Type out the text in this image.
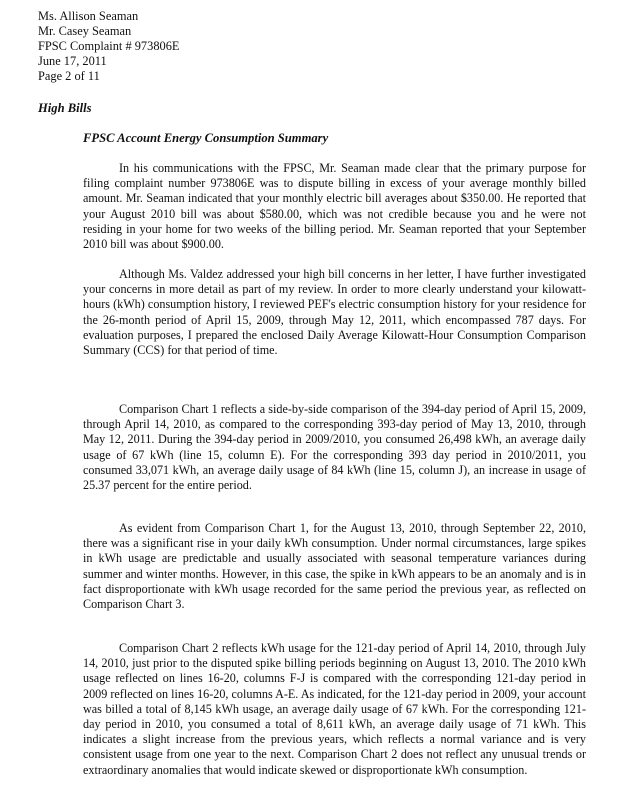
Ms. Allison Seaman
Mr. Casey Seaman
FPSC Complaint # 973806E
June 17, 2011
Page 2 of 11
High Bills
FPSC Account Energy Consumption Summary

In his communications with the FPSC, Mr. Seaman made clear that the primary purpose for filing complaint number 973806E was to dispute billing in excess of your average monthly billed amount. Mr. Seaman indicated that your monthly electric bill averages about $350.00. He reported that your August 2010 bill was about $580.00, which was not credible because you and he were not residing in your home for two weeks of the billing period. Mr. Seaman reported that your September 2010 bill was about $900.00.

Although Ms. Valdez addressed your high bill concerns in her letter, I have further investigated your concerns in more detail as part of my review. In order to more clearly understand your kilowatt-hours (kWh) consumption history, I reviewed PEF's electric consumption history for your residence for the 26-month period of April 15, 2009, through May 12, 2011, which encompassed 787 days. For evaluation purposes, I prepared the enclosed Daily Average Kilowatt-Hour Consumption Comparison Summary (CCS) for that period of time.

Comparison Chart 1 reflects a side-by-side comparison of the 394-day period of April 15, 2009, through April 14, 2010, as compared to the corresponding 393-day period of May 13, 2010, through May 12, 2011. During the 394-day period in 2009/2010, you consumed 26,498 kWh, an average daily usage of 67 kWh (line 15, column E). For the corresponding 393 day period in 2010/2011, you consumed 33,071 kWh, an average daily usage of 84 kWh (line 15, column J), an increase in usage of 25.37 percent for the entire period.

As evident from Comparison Chart 1, for the August 13, 2010, through September 22, 2010, there was a significant rise in your daily kWh consumption. Under normal circumstances, large spikes in kWh usage are predictable and usually associated with seasonal temperature variances during summer and winter months. However, in this case, the spike in kWh appears to be an anomaly and is in fact disproportionate with kWh usage recorded for the same period the previous year, as reflected on Comparison Chart 3.

Comparison Chart 2 reflects kWh usage for the 121-day period of April 14, 2010, through July 14, 2010, just prior to the disputed spike billing periods beginning on August 13, 2010. The 2010 kWh usage reflected on lines 16-20, columns F-J is compared with the corresponding 121-day period in 2009 reflected on lines 16-20, columns A-E. As indicated, for the 121-day period in 2009, your account was billed a total of 8,145 kWh usage, an average daily usage of 67 kWh. For the corresponding 121-day period in 2010, you consumed a total of 8,611 kWh, an average daily usage of 71 kWh. This indicates a slight increase from the previous years, which reflects a normal variance and is very consistent usage from one year to the next. Comparison Chart 2 does not reflect any unusual trends or extraordinary anomalies that would indicate skewed or disproportionate kWh consumption.
